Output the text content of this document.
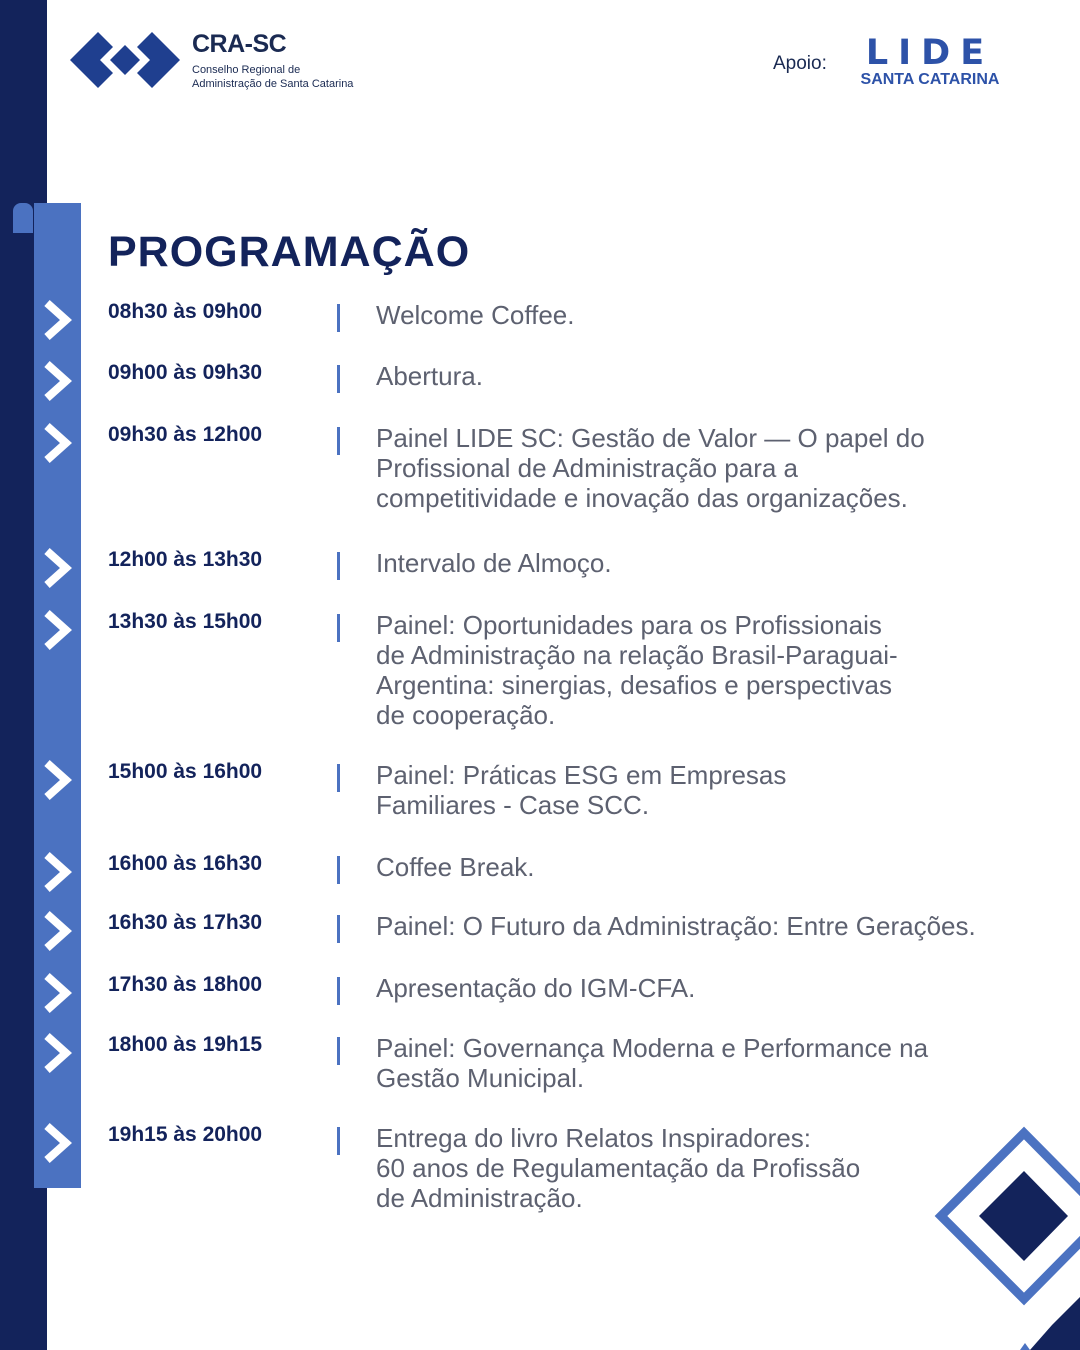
CRA-SC
Conselho Regional de
Administração de Santa Catarina
Apoio:	LIDE
SANTA CATARINA
PROGRAMAÇÃO
08h30 às 09h00	Welcome Coffee.
09h00 às 09h30	Abertura.
09h30 às 12h00	Painel LIDE SC: Gestão de Valor — O papel do
Profissional de Administração para a
competitividade e inovação das organizações.
12h00 às 13h30	Intervalo de Almoço.
13h30 às 15h00	Painel: Oportunidades para os Profissionais
de Administração na relação Brasil-Paraguai-
Argentina: sinergias, desafios e perspectivas
de cooperação.
15h00 às 16h00	Painel: Práticas ESG em Empresas
Familiares - Case SCC.
16h00 às 16h30	Coffee Break.
16h30 às 17h30	Painel: O Futuro da Administração: Entre Gerações.
17h30 às 18h00	Apresentação do IGM-CFA.
18h00 às 19h15	Painel: Governança Moderna e Performance na
Gestão Municipal.
19h15 às 20h00	Entrega do livro Relatos Inspiradores:
60 anos de Regulamentação da Profissão
de Administração.
